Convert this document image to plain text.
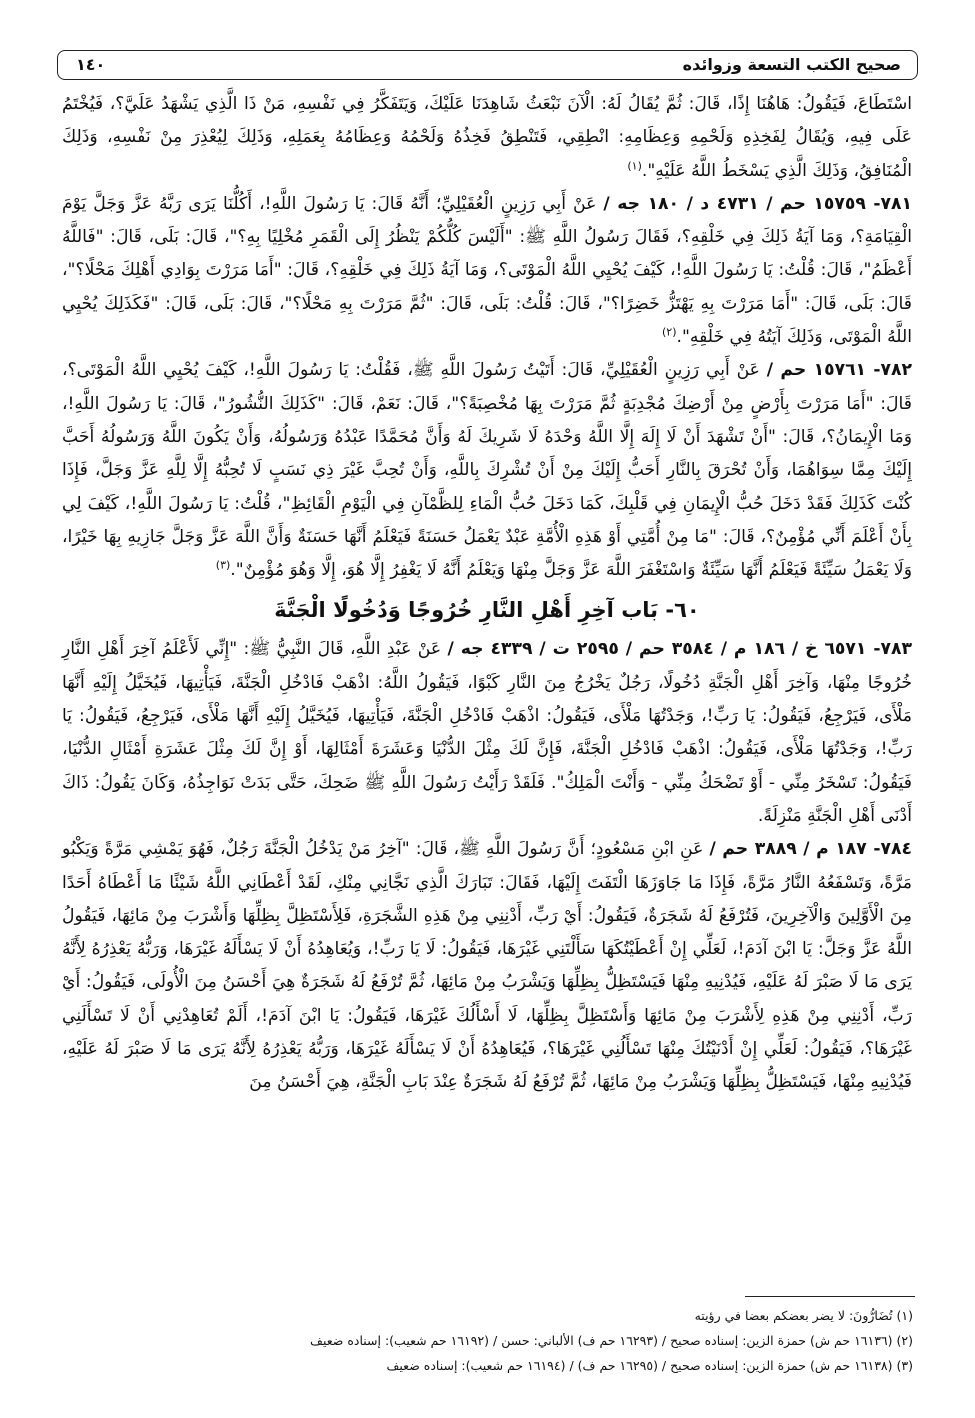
صحيح الكتب التسعة وزوائده
١٤٠

اسْتَطَاعَ، فَيَقُولُ: هَاهُنَا إِذًا، قَالَ: ثُمَّ يُقَالُ لَهُ: الْآنَ نَبْعَثُ شَاهِدَنَا عَلَيْكَ، وَيَتَفَكَّرُ فِي نَفْسِهِ، مَنْ ذَا الَّذِي يَشْهَدُ عَلَيَّ؟، فَيُخْتَمُ عَلَى فِيهِ، وَيُقَالُ لِفَخِذِهِ وَلَحْمِهِ وَعِظَامِهِ: انْطِقِي، فَتَنْطِقُ فَخِذُهُ وَلَحْمُهُ وَعِظَامُهُ بِعَمَلِهِ، وَذَلِكَ لِيُعْذِرَ مِنْ نَفْسِهِ، وَذَلِكَ الْمُنَافِقُ، وَذَلِكَ الَّذِي يَسْخَطُ اللَّهُ عَلَيْهِ".$^{(١)}$

٧٨١- ١٥٧٥٩ حم / ٤٧٣١ د / ١٨٠ جه / عَنْ أَبِي رَزِينٍ الْعُقَيْلِيِّ؛ أَنَّهُ قَالَ: يَا رَسُولَ اللَّهِ!، أَكُلُّنَا يَرَى رَبَّهُ عَزَّ وَجَلَّ يَوْمَ الْقِيَامَةِ؟، وَمَا آيَةُ ذَلِكَ فِي خَلْقِهِ؟، فَقَالَ رَسُولُ اللَّهِ ﷺ: "أَلَيْسَ كُلُّكُمْ يَنْظُرُ إِلَى الْقَمَرِ مُخْلِيًا بِهِ؟"، قَالَ: بَلَى، قَالَ: "فَاللَّهُ أَعْظَمُ"، قَالَ: قُلْتُ: يَا رَسُولَ اللَّهِ!، كَيْفَ يُحْيِي اللَّهُ الْمَوْتَى؟، وَمَا آيَةُ ذَلِكَ فِي خَلْقِهِ؟، قَالَ: "أَمَا مَرَرْتَ بِوَادِي أَهْلِكَ مَحْلًا؟"، قَالَ: بَلَى، قَالَ: "أَمَا مَرَرْتَ بِهِ يَهْتَزُّ خَضِرًا؟"، قَالَ: قُلْتُ: بَلَى، قَالَ: "ثُمَّ مَرَرْتَ بِهِ مَحْلًا؟"، قَالَ: بَلَى، قَالَ: "فَكَذَلِكَ يُحْيِي اللَّهُ الْمَوْتَى، وَذَلِكَ آيَتُهُ فِي خَلْقِهِ".$^{(٢)}$

٧٨٢- ١٥٧٦١ حم / عَنْ أَبِي رَزِينٍ الْعُقَيْلِيِّ، قَالَ: أَتَيْتُ رَسُولَ اللَّهِ ﷺ، فَقُلْتُ: يَا رَسُولَ اللَّهِ!، كَيْفَ يُحْيِي اللَّهُ الْمَوْتَى؟، قَالَ: "أَمَا مَرَرْتَ بِأَرْضٍ مِنْ أَرْضِكَ مُجْدِبَةٍ ثُمَّ مَرَرْتَ بِهَا مُخْصِبَةً؟"، قَالَ: نَعَمْ، قَالَ: "كَذَلِكَ النُّشُورُ"، قَالَ: يَا رَسُولَ اللَّهِ!، وَمَا الْإِيمَانُ؟، قَالَ: "أَنْ تَشْهَدَ أَنْ لَا إِلَهَ إِلَّا اللَّهُ وَحْدَهُ لَا شَرِيكَ لَهُ وَأَنَّ مُحَمَّدًا عَبْدُهُ وَرَسُولُهُ، وَأَنْ يَكُونَ اللَّهُ وَرَسُولُهُ أَحَبَّ إِلَيْكَ مِمَّا سِوَاهُمَا، وَأَنْ تُحْرَقَ بِالنَّارِ أَحَبُّ إِلَيْكَ مِنْ أَنْ تُشْرِكَ بِاللَّهِ، وَأَنْ تُحِبَّ غَيْرَ ذِي نَسَبٍ لَا تُحِبُّهُ إِلَّا لِلَّهِ عَزَّ وَجَلَّ، فَإِذَا كُنْتَ كَذَلِكَ فَقَدْ دَخَلَ حُبُّ الْإِيمَانِ فِي قَلْبِكَ، كَمَا دَخَلَ حُبُّ الْمَاءِ لِلظَّمْآنِ فِي الْيَوْمِ الْقَائِظِ"، قُلْتُ: يَا رَسُولَ اللَّهِ!، كَيْفَ لِي بِأَنْ أَعْلَمَ أَنِّي مُؤْمِنٌ؟، قَالَ: "مَا مِنْ أُمَّتِي أَوْ هَذِهِ الْأُمَّةِ عَبْدٌ يَعْمَلُ حَسَنَةً فَيَعْلَمُ أَنَّهَا حَسَنَةٌ وَأَنَّ اللَّهَ عَزَّ وَجَلَّ جَازِيهِ بِهَا خَيْرًا، وَلَا يَعْمَلُ سَيِّئَةً فَيَعْلَمُ أَنَّهَا سَيِّئَةٌ وَاسْتَغْفَرَ اللَّهَ عَزَّ وَجَلَّ مِنْهَا وَيَعْلَمُ أَنَّهُ لَا يَغْفِرُ إِلَّا هُوَ، إِلَّا وَهُوَ مُؤْمِنٌ".$^{(٣)}$

٦٠- بَاب آخِرِ أَهْلِ النَّارِ خُرُوجًا وَدُخُولًا الْجَنَّةَ

٧٨٣- ٦٥٧١ خ / ١٨٦ م / ٣٥٨٤ حم / ٢٥٩٥ ت / ٤٣٣٩ جه / عَنْ عَبْدِ اللَّهِ، قَالَ النَّبِيُّ ﷺ: "إِنِّي لَأَعْلَمُ آخِرَ أَهْلِ النَّارِ خُرُوجًا مِنْهَا، وَآخِرَ أَهْلِ الْجَنَّةِ دُخُولًا، رَجُلٌ يَخْرُجُ مِنَ النَّارِ كَبْوًا، فَيَقُولُ اللَّهُ: اذْهَبْ فَادْخُلِ الْجَنَّةَ، فَيَأْتِيهَا، فَيُخَيَّلُ إِلَيْهِ أَنَّهَا مَلْأَى، فَيَرْجِعُ، فَيَقُولُ: يَا رَبِّ!، وَجَدْتُهَا مَلْأَى، فَيَقُولُ: اذْهَبْ فَادْخُلِ الْجَنَّةَ، فَيَأْتِيهَا، فَيُخَيَّلُ إِلَيْهِ أَنَّهَا مَلْأَى، فَيَرْجِعُ، فَيَقُولُ: يَا رَبِّ!، وَجَدْتُهَا مَلْأَى، فَيَقُولُ: اذْهَبْ فَادْخُلِ الْجَنَّةَ، فَإِنَّ لَكَ مِثْلَ الدُّنْيَا وَعَشَرَةَ أَمْثَالِهَا، أَوْ إِنَّ لَكَ مِثْلَ عَشَرَةِ أَمْثَالِ الدُّنْيَا، فَيَقُولُ: تَسْخَرُ مِنِّي - أَوْ تَضْحَكُ مِنِّي - وَأَنْتَ الْمَلِكُ". فَلَقَدْ رَأَيْتُ رَسُولَ اللَّهِ ﷺ ضَحِكَ، حَتَّى بَدَتْ نَوَاجِذُهُ، وَكَانَ يَقُولُ: ذَاكَ أَدْنَى أَهْلِ الْجَنَّةِ مَنْزِلَةً.

٧٨٤- ١٨٧ م / ٣٨٨٩ حم / عَنِ ابْنِ مَسْعُودٍ؛ أَنَّ رَسُولَ اللَّهِ ﷺ، قَالَ: "آخِرُ مَنْ يَدْخُلُ الْجَنَّةَ رَجُلٌ، فَهُوَ يَمْشِي مَرَّةً وَيَكْبُو مَرَّةً، وَتَسْفَعُهُ النَّارُ مَرَّةً، فَإِذَا مَا جَاوَزَهَا الْتَفَتَ إِلَيْهَا، فَقَالَ: تَبَارَكَ الَّذِي نَجَّانِي مِنْكِ، لَقَدْ أَعْطَانِي اللَّهُ شَيْئًا مَا أَعْطَاهُ أَحَدًا مِنَ الْأَوَّلِينَ وَالْآخِرِينَ، فَتُرْفَعُ لَهُ شَجَرَةٌ، فَيَقُولُ: أَيْ رَبِّ، أَدْنِنِي مِنْ هَذِهِ الشَّجَرَةِ، فَلِأَسْتَظِلَّ بِظِلِّهَا وَأَشْرَبَ مِنْ مَائِهَا، فَيَقُولُ اللَّهُ عَزَّ وَجَلَّ: يَا ابْنَ آدَمَ!، لَعَلِّي إِنْ أَعْطَيْتُكَهَا سَأَلْتَنِي غَيْرَهَا، فَيَقُولُ: لَا يَا رَبِّ!، وَيُعَاهِدُهُ أَنْ لَا يَسْأَلَهُ غَيْرَهَا، وَرَبُّهُ يَعْذِرُهُ لِأَنَّهُ يَرَى مَا لَا صَبْرَ لَهُ عَلَيْهِ، فَيُدْنِيهِ مِنْهَا فَيَسْتَظِلُّ بِظِلِّهَا وَيَشْرَبُ مِنْ مَائِهَا، ثُمَّ تُرْفَعُ لَهُ شَجَرَةٌ هِيَ أَحْسَنُ مِنَ الْأُولَى، فَيَقُولُ: أَيْ رَبِّ، أَدْنِنِي مِنْ هَذِهِ لِأَشْرَبَ مِنْ مَائِهَا وَأَسْتَظِلَّ بِظِلِّهَا، لَا أَسْأَلُكَ غَيْرَهَا، فَيَقُولُ: يَا ابْنَ آدَمَ!، أَلَمْ تُعَاهِدْنِي أَنْ لَا تَسْأَلَنِي غَيْرَهَا؟، فَيَقُولُ: لَعَلِّي إِنْ أَدْنَيْتُكَ مِنْهَا تَسْأَلُنِي غَيْرَهَا؟، فَيُعَاهِدُهُ أَنْ لَا يَسْأَلَهُ غَيْرَهَا، وَرَبُّهُ يَعْذِرُهُ لِأَنَّهُ يَرَى مَا لَا صَبْرَ لَهُ عَلَيْهِ، فَيُدْنِيهِ مِنْهَا، فَيَسْتَظِلُّ بِظِلِّهَا وَيَشْرَبُ مِنْ مَائِهَا، ثُمَّ تُرْفَعُ لَهُ شَجَرَةٌ عِنْدَ بَابِ الْجَنَّةِ، هِيَ أَحْسَنُ مِنَ

(١) تُضَارُّونَ: لا يضر بعضكم بعضا في رؤيته
(٢) (١٦١٣٦ حم ش) حمزة الزين: إسناده صحيح / (١٦٢٩٣ حم ف) الألباني: حسن / (١٦١٩٢ حم شعيب): إسناده ضعيف
(٣) (١٦١٣٨ حم ش) حمزة الزين: إسناده صحيح / (١٦٢٩٥ حم ف) / (١٦١٩٤ حم شعيب): إسناده ضعيف
